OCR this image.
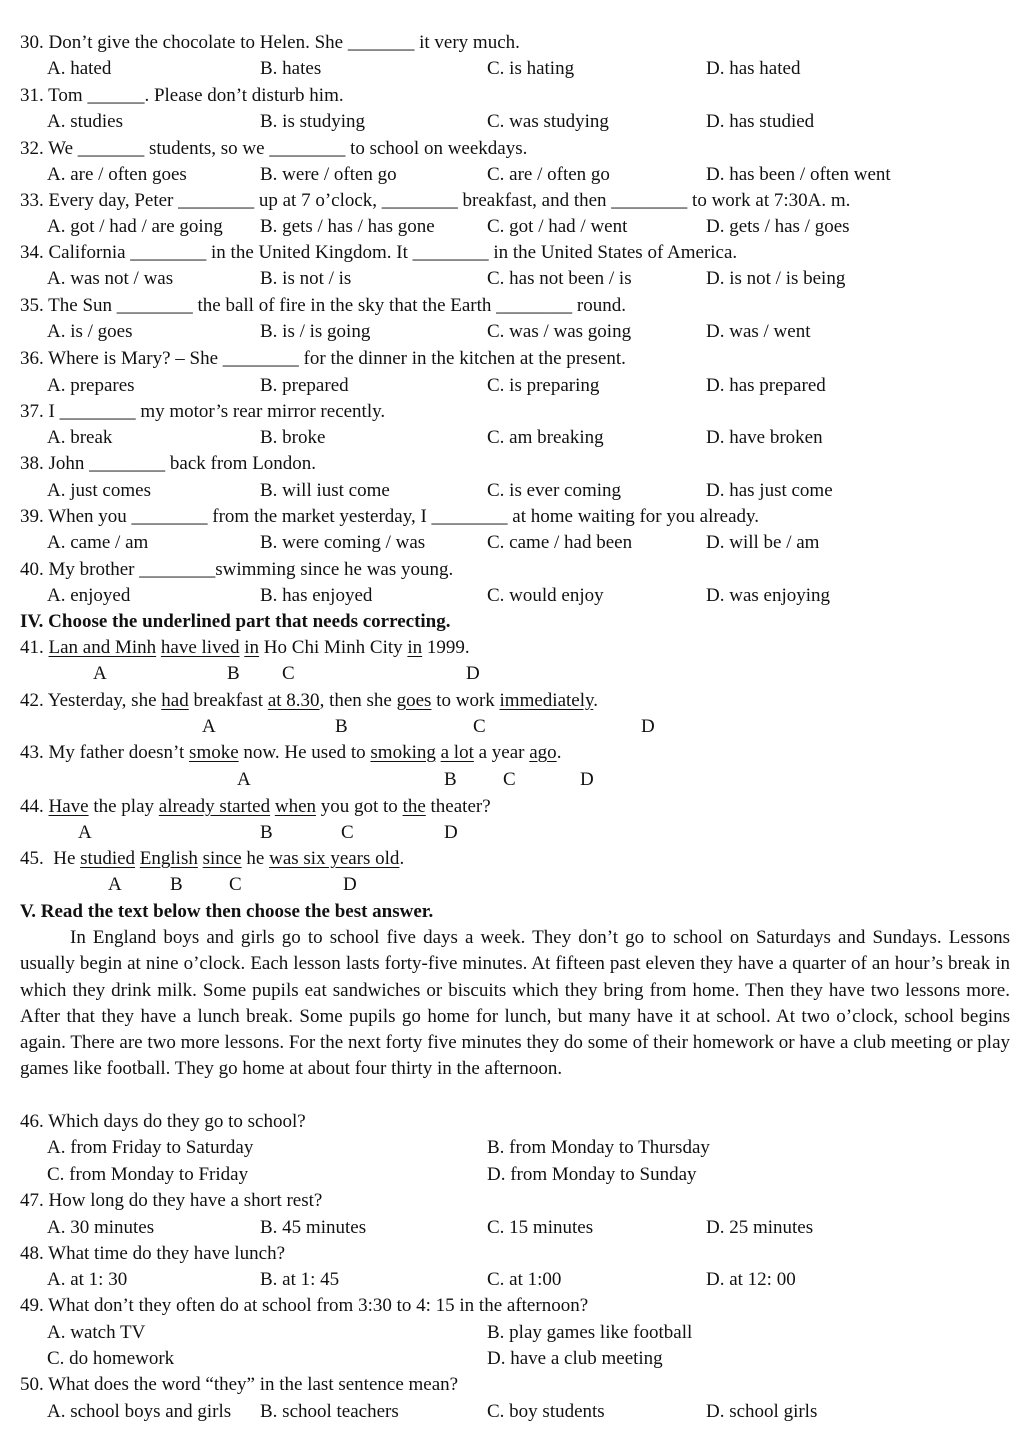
30. Don’t give the chocolate to Helen. She _______ it very much.
A. hated	B. hates	C. is hating	D. has hated
31. Tom ______. Please don’t disturb him.
A. studies	B. is studying	C. was studying	D. has studied
32. We _______ students, so we ________ to school on weekdays.
A. are / often goes	B. were / often go	C. are / often go	D. has been / often went
33. Every day, Peter ________ up at 7 o’clock, ________ breakfast, and then ________ to work at 7:30A. m.
A. got / had / are going B. gets / has / has gone	C. got / had / went	D. gets / has / goes
34. California ________ in the United Kingdom. It ________ in the United States of America.
A. was not / was	B. is not / is	C. has not been / is	D. is not / is being
35. The Sun ________ the ball of fire in the sky that the Earth ________ round.
A. is / goes	B. is / is going	C. was / was going	D. was / went
36. Where is Mary? – She ________ for the dinner in the kitchen at the present.
A. prepares	B. prepared	C. is preparing	D. has prepared
37. I ________ my motor’s rear mirror recently.
A. break	B. broke	C. am breaking	D. have broken
38. John ________ back from London.
A. just comes	B. will iust come	C. is ever coming	D. has just come
39. When you ________ from the market yesterday, I ________ at home waiting for you already.
A. came / am	B. were coming / was	C. came / had been	D. will be / am
40. My brother ________swimming since he was young.
A. enjoyed	B. has enjoyed	C. would enjoy	D. was enjoying
IV. Choose the underlined part that needs correcting.
41. Lan and Minh have lived in Ho Chi Minh City in 1999.
A	B C	D
42. Yesterday, she had breakfast at 8.30, then she goes to work immediately.
A	B	C	D
43. My father doesn’t smoke now. He used to smoking a lot a year ago.
A	B C	D
44. Have the play already started when you got to the theater?
A	B	C	D
45.  He studied English since he was six years old.
A	B C	D
V. Read the text below then choose the best answer.
In England boys and girls go to school five days a week. They don’t go to school on Saturdays and Sundays. Lessons usually begin at nine o’clock. Each lesson lasts forty-five minutes. At fifteen past eleven they have a quarter of an hour’s break in which they drink milk. Some pupils eat sandwiches or biscuits which they bring from home. Then they have two lessons more. After that they have a lunch break. Some pupils go home for lunch, but many have it at school. At two o’clock, school begins again. There are two more lessons. For the next forty five minutes they do some of their homework or have a club meeting or play games like football. They go home at about four thirty in the afternoon.
46. Which days do they go to school?
A. from Friday to Saturday	B. from Monday to Thursday
C. from Monday to Friday	D. from Monday to Sunday
47. How long do they have a short rest?
A. 30 minutes	B. 45 minutes	C. 15 minutes	D. 25 minutes
48. What time do they have lunch?
A. at 1: 30	B. at 1: 45	C. at 1:00	D. at 12: 00
49. What don’t they often do at school from 3:30 to 4: 15 in the afternoon?
A. watch TV	B. play games like football
C. do homework	D. have a club meeting
50. What does the word “they” in the last sentence mean?
A. school boys and girls B. school teachers	C. boy students	D. school girls
